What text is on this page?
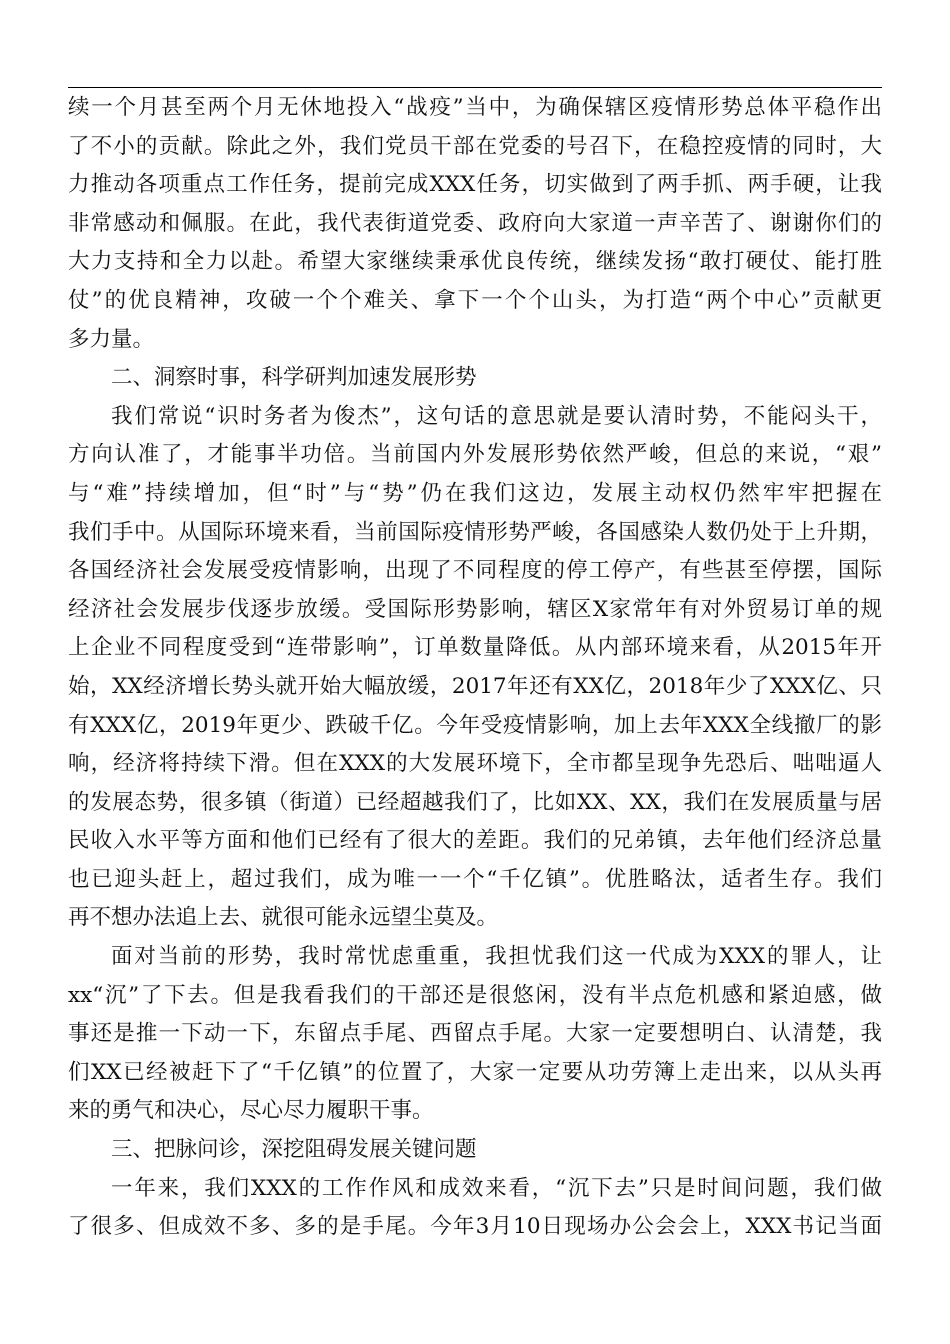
续一个月甚至两个月无休地投入“战疫”当中，为确保辖区疫情形势总体平稳作出
了不小的贡献。除此之外，我们党员干部在党委的号召下，在稳控疫情的同时，大
力推动各项重点工作任务，提前完成XXX任务，切实做到了两手抓、两手硬，让我
非常感动和佩服。在此，我代表街道党委、政府向大家道一声辛苦了、谢谢你们的
大力支持和全力以赴。希望大家继续秉承优良传统，继续发扬“敢打硬仗、能打胜
仗”的优良精神，攻破一个个难关、拿下一个个山头，为打造“两个中心”贡献更
多力量。
二、洞察时事，科学研判加速发展形势
我们常说“识时务者为俊杰”，这句话的意思就是要认清时势，不能闷头干，
方向认准了，才能事半功倍。当前国内外发展形势依然严峻，但总的来说，“艰”
与“难”持续增加，但“时”与“势”仍在我们这边，发展主动权仍然牢牢把握在
我们手中。从国际环境来看，当前国际疫情形势严峻，各国感染人数仍处于上升期，
各国经济社会发展受疫情影响，出现了不同程度的停工停产，有些甚至停摆，国际
经济社会发展步伐逐步放缓。受国际形势影响，辖区X家常年有对外贸易订单的规
上企业不同程度受到“连带影响”，订单数量降低。从内部环境来看，从2015年开
始，XX经济增长势头就开始大幅放缓，2017年还有XX亿，2018年少了XXX亿、只
有XXX亿，2019年更少、跌破千亿。今年受疫情影响，加上去年XXX全线撤厂的影
响，经济将持续下滑。但在XXX的大发展环境下，全市都呈现争先恐后、咄咄逼人
的发展态势，很多镇（街道）已经超越我们了，比如XX、XX，我们在发展质量与居
民收入水平等方面和他们已经有了很大的差距。我们的兄弟镇，去年他们经济总量
也已迎头赶上，超过我们，成为唯一一个“千亿镇”。优胜略汰，适者生存。我们
再不想办法追上去、就很可能永远望尘莫及。
面对当前的形势，我时常忧虑重重，我担忧我们这一代成为XXX的罪人，让
xx“沉”了下去。但是我看我们的干部还是很悠闲，没有半点危机感和紧迫感，做
事还是推一下动一下，东留点手尾、西留点手尾。大家一定要想明白、认清楚，我
们XX已经被赶下了“千亿镇”的位置了，大家一定要从功劳簿上走出来，以从头再
来的勇气和决心，尽心尽力履职干事。
三、把脉问诊，深挖阻碍发展关键问题
一年来，我们XXX的工作作风和成效来看，“沉下去”只是时间问题，我们做
了很多、但成效不多、多的是手尾。今年3月10日现场办公会会上，XXX书记当面
